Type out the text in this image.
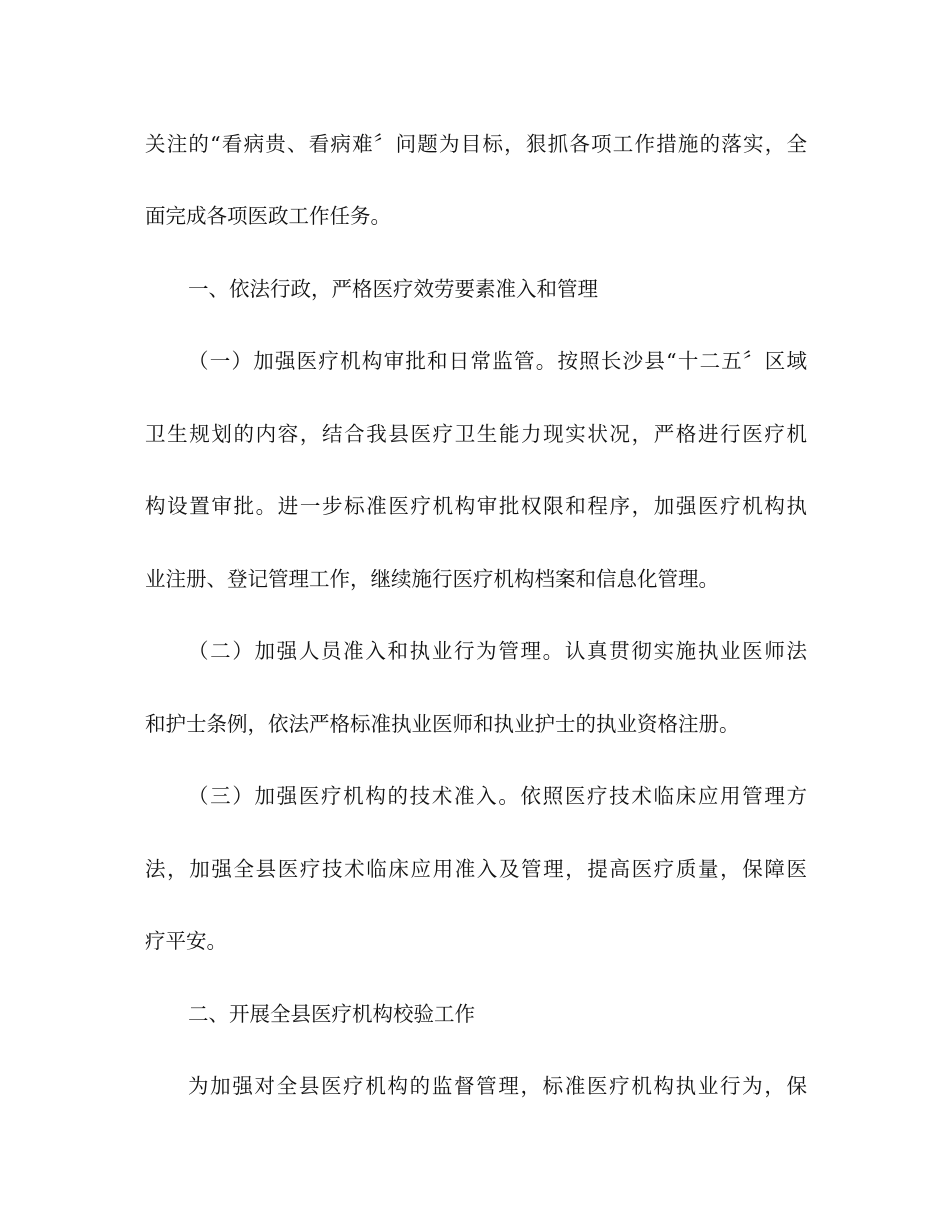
关注的“看病贵、看病难〞问题为目标，狠抓各项工作措施的落实，全
面完成各项医政工作任务。
一、依法行政，严格医疗效劳要素准入和管理
（一）加强医疗机构审批和日常监管。按照长沙县“十二五〞区域
卫生规划的内容，结合我县医疗卫生能力现实状况，严格进行医疗机
构设置审批。进一步标准医疗机构审批权限和程序，加强医疗机构执
业注册、登记管理工作，继续施行医疗机构档案和信息化管理。
（二）加强人员准入和执业行为管理。认真贯彻实施执业医师法
和护士条例，依法严格标准执业医师和执业护士的执业资格注册。
（三）加强医疗机构的技术准入。依照医疗技术临床应用管理方
法，加强全县医疗技术临床应用准入及管理，提高医疗质量，保障医
疗平安。
二、开展全县医疗机构校验工作
为加强对全县医疗机构的监督管理，标准医疗机构执业行为，保
